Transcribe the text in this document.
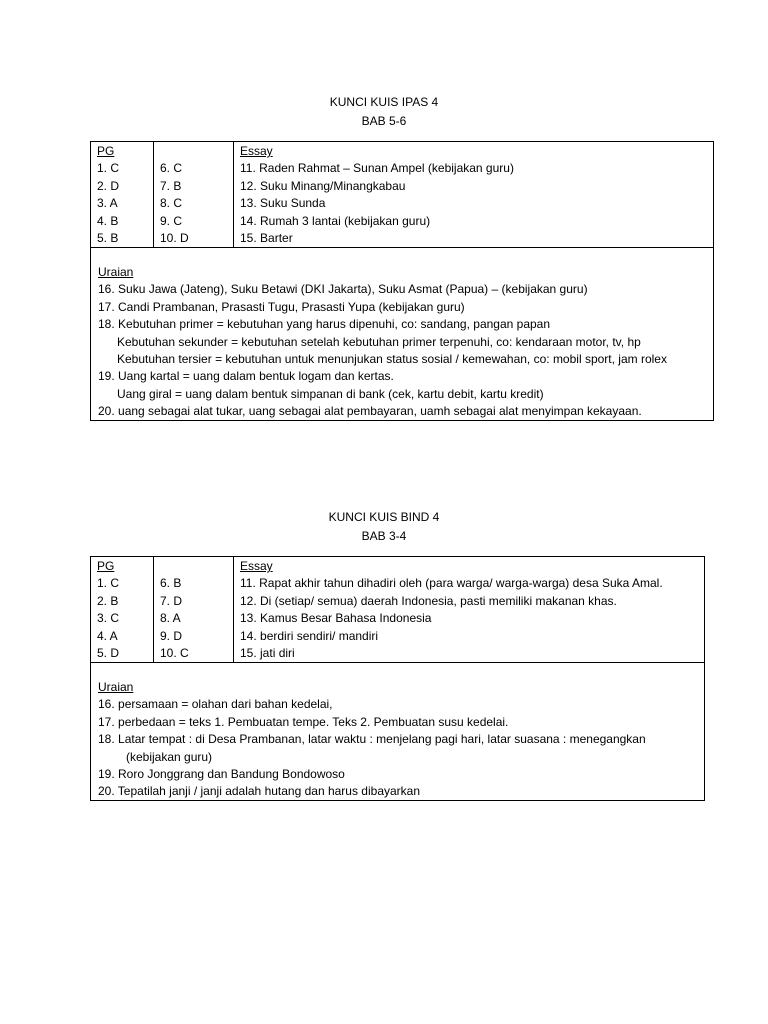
KUNCI KUIS IPAS 4
BAB 5-6
PG
1. C
2. D
3. A
4. B
5. B
6. C
7. B
8. C
9. C
10. D
Essay
11. Raden Rahmat – Sunan Ampel (kebijakan guru)
12. Suku Minang/Minangkabau
13. Suku Sunda
14. Rumah 3 lantai (kebijakan guru)
15. Barter
Uraian
16. Suku Jawa (Jateng), Suku Betawi (DKI Jakarta), Suku Asmat (Papua) – (kebijakan guru)
17. Candi Prambanan, Prasasti Tugu, Prasasti Yupa (kebijakan guru)
18. Kebutuhan primer = kebutuhan yang harus dipenuhi, co: sandang, pangan papan
Kebutuhan sekunder = kebutuhan setelah kebutuhan primer terpenuhi, co: kendaraan motor, tv, hp
Kebutuhan tersier = kebutuhan untuk menunjukan status sosial / kemewahan, co: mobil sport, jam rolex
19. Uang kartal = uang dalam bentuk logam dan kertas.
Uang giral = uang dalam bentuk simpanan di bank (cek, kartu debit, kartu kredit)
20. uang sebagai alat tukar, uang sebagai alat pembayaran, uamh sebagai alat menyimpan kekayaan.
KUNCI KUIS BIND 4
BAB 3-4
PG
1. C
2. B
3. C
4. A
5. D
6. B
7. D
8. A
9. D
10. C
Essay
11. Rapat akhir tahun dihadiri oleh (para warga/ warga-warga) desa Suka Amal.
12. Di (setiap/ semua) daerah Indonesia, pasti memiliki makanan khas.
13. Kamus Besar Bahasa Indonesia
14. berdiri sendiri/ mandiri
15. jati diri
Uraian
16. persamaan = olahan dari bahan kedelai,
17. perbedaan = teks 1. Pembuatan tempe. Teks 2. Pembuatan susu kedelai.
18. Latar tempat : di Desa Prambanan, latar waktu : menjelang pagi hari, latar suasana : menegangkan
(kebijakan guru)
19. Roro Jonggrang dan Bandung Bondowoso
20. Tepatilah janji / janji adalah hutang dan harus dibayarkan
